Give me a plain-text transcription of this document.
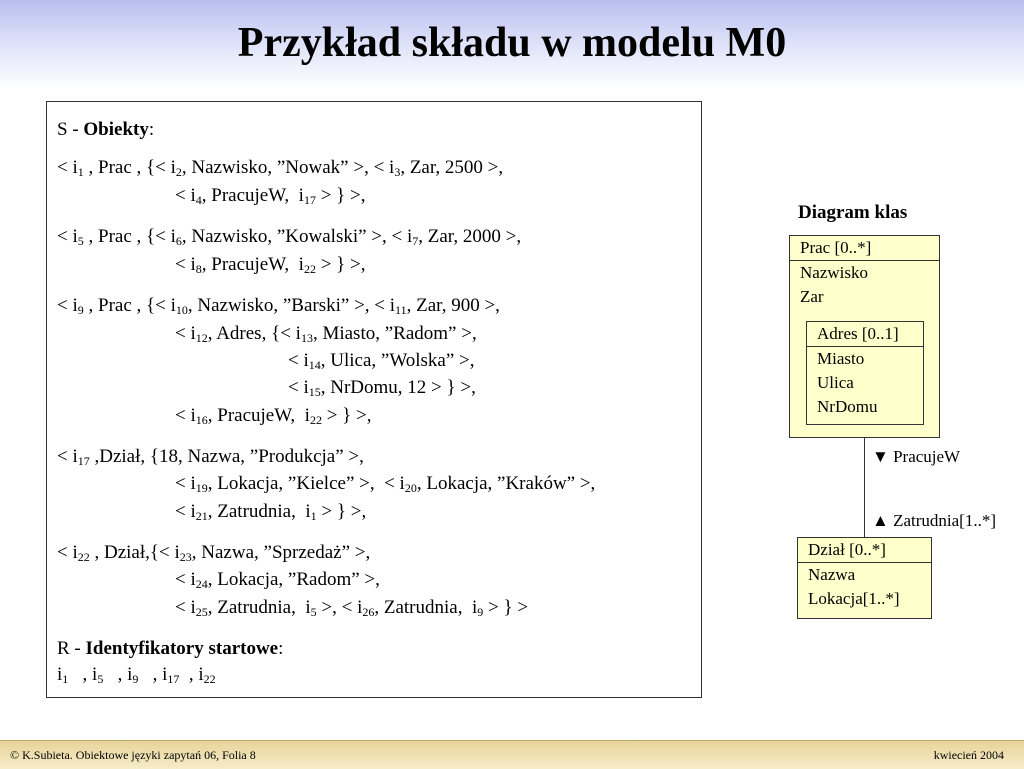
Przykład składu w modelu M0
S - Obiekty:
< $i_1$ , Prac , {< $i_2$, Nazwisko, ”Nowak” >, < $i_3$, Zar, 2500 >,
< $i_4$, PracujeW,  $i_{17}$ > } >,
< $i_5$ , Prac , {< $i_6$, Nazwisko, ”Kowalski” >, < $i_7$, Zar, 2000 >,
< $i_8$, PracujeW,  $i_{22}$ > } >,
< $i_9$ , Prac , {< $i_{10}$, Nazwisko, ”Barski” >, < $i_{11}$, Zar, 900 >,
< $i_{12}$, Adres, {< $i_{13}$, Miasto, ”Radom” >,
< $i_{14}$, Ulica, ”Wolska” >,
< $i_{15}$, NrDomu, 12 > } >,
< $i_{16}$, PracujeW,  $i_{22}$ > } >,
< $i_{17}$ ,Dział, {18, Nazwa, ”Produkcja” >,
< $i_{19}$, Lokacja, ”Kielce” >,  < $i_{20}$, Lokacja, ”Kraków” >,
< $i_{21}$, Zatrudnia,  $i_1$ > } >,
< $i_{22}$ , Dział,{< $i_{23}$, Nazwa, ”Sprzedaż” >,
< $i_{24}$, Lokacja, ”Radom” >,
< $i_{25}$, Zatrudnia,  $i_5$ >, < $i_{26}$, Zatrudnia,  $i_9$ > } >
R - Identyfikatory startowe:
$i_1$   , $i_5$   , $i_9$   , $i_{17}$  , $i_{22}$
Diagram klas
Prac [0..*]
Nazwisko
Zar
Adres [0..1]
Miasto
Ulica
NrDomu
▼ PracujeW
▲ Zatrudnia[1..*]
Dział [0..*]
Nazwa
Lokacja[1..*]
© K.Subieta. Obiektowe języki zapytań 06, Folia 8	kwiecień 2004
